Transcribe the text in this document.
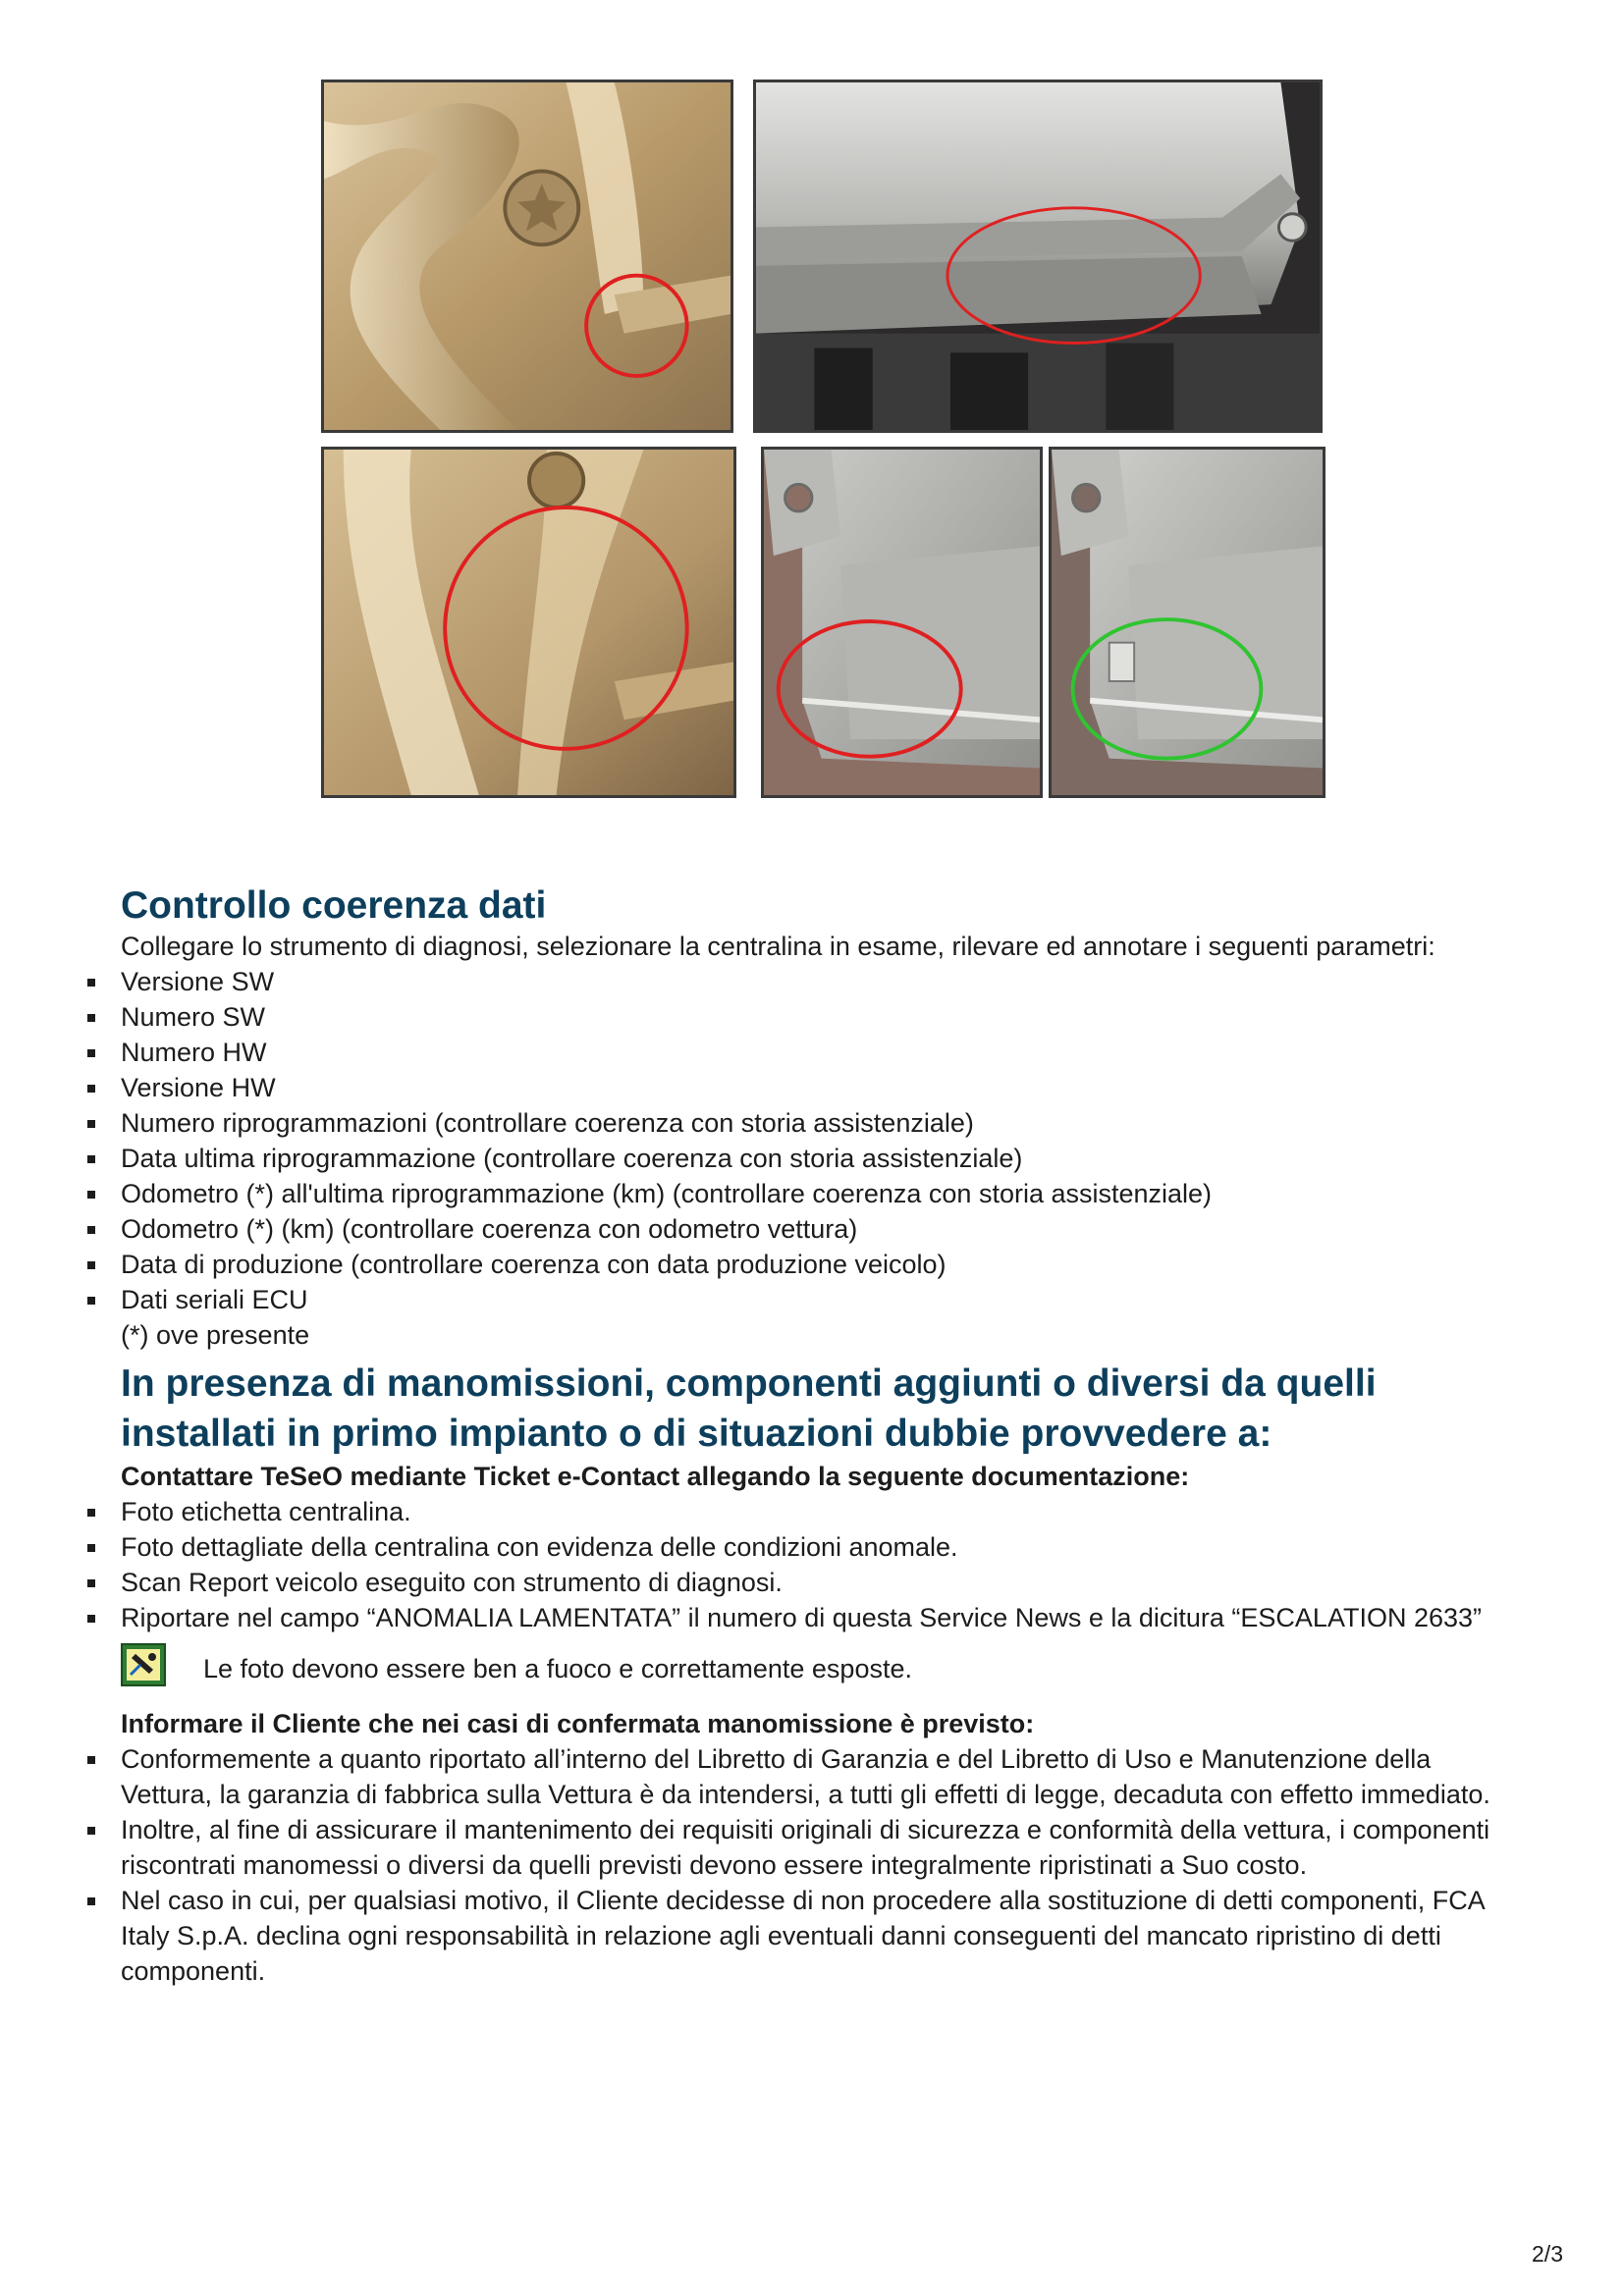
Controllo coerenza dati

Collegare lo strumento di diagnosi, selezionare la centralina in esame, rilevare ed annotare i seguenti parametri:

Versione SW
Numero SW
Numero HW
Versione HW
Numero riprogrammazioni (controllare coerenza con storia assistenziale)
Data ultima riprogrammazione (controllare coerenza con storia assistenziale)
Odometro (*) all'ultima riprogrammazione (km) (controllare coerenza con storia assistenziale)
Odometro (*) (km) (controllare coerenza con odometro vettura)
Data di produzione (controllare coerenza con data produzione veicolo)
Dati seriali ECU

(*) ove presente

In presenza di manomissioni, componenti aggiunti o diversi da quelli installati in primo impianto o di situazioni dubbie provvedere a:

Contattare TeSeO mediante Ticket e-Contact allegando la seguente documentazione:

Foto etichetta centralina.
Foto dettagliate della centralina con evidenza delle condizioni anomale.
Scan Report veicolo eseguito con strumento di diagnosi.
Riportare nel campo “ANOMALIA LAMENTATA” il numero di questa Service News e la dicitura “ESCALATION 2633”
Le foto devono essere ben a fuoco e correttamente esposte.

Informare il Cliente che nei casi di confermata manomissione è previsto:

Conformemente a quanto riportato all’interno del Libretto di Garanzia e del Libretto di Uso e Manutenzione della Vettura, la garanzia di fabbrica sulla Vettura è da intendersi, a tutti gli effetti di legge, decaduta con effetto immediato.
Inoltre, al fine di assicurare il mantenimento dei requisiti originali di sicurezza e conformità della vettura, i componenti riscontrati manomessi o diversi da quelli previsti devono essere integralmente ripristinati a Suo costo.
Nel caso in cui, per qualsiasi motivo, il Cliente decidesse di non procedere alla sostituzione di detti componenti, FCA Italy S.p.A. declina ogni responsabilità in relazione agli eventuali danni conseguenti del mancato ripristino di detti componenti.
2/3
